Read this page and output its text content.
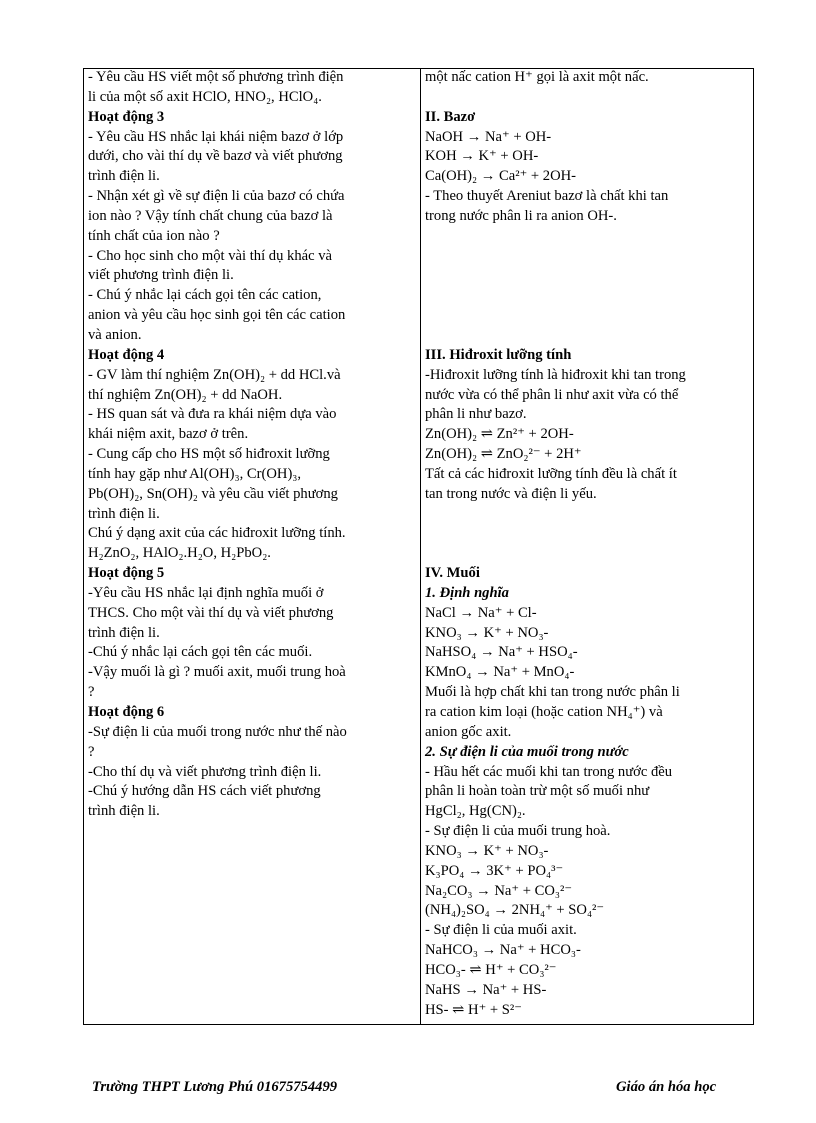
- Yêu cầu HS viết một số phương trình điện
li của một số axit HClO, HNO₂, HClO₄.
Hoạt động 3
- Yêu cầu HS nhắc lại khái niệm bazơ ở lớp
dưới, cho vài thí dụ về bazơ và viết phương
trình điện li.
- Nhận xét gì về sự điện li của bazơ có chứa
ion nào ? Vậy tính chất chung của bazơ là
tính chất của ion nào ?
- Cho học sinh cho một vài thí dụ khác và
viết phương trình điện li.
- Chú ý nhắc lại cách gọi tên các cation,
anion và yêu cầu học sinh gọi tên các cation
và anion.
Hoạt động 4
- GV làm thí nghiệm Zn(OH)₂ + dd HCl.và
thí nghiệm Zn(OH)₂ + dd NaOH.
- HS quan sát và đưa ra khái niệm dựa vào
khái niệm axit, bazơ ở trên.
- Cung cấp cho HS một số hiđroxit lưỡng
tính hay gặp như Al(OH)₃, Cr(OH)₃,
Pb(OH)₂, Sn(OH)₂ và yêu cầu viết phương
trình điện li.
Chú ý dạng axit của các hiđroxit lưỡng tính.
H₂ZnO₂, HAlO₂.H₂O, H₂PbO₂.
Hoạt động 5
-Yêu cầu HS nhắc lại định nghĩa muối ở
THCS. Cho một vài thí dụ và viết phương
trình điện li.
-Chú ý nhắc lại cách gọi tên các muối.
-Vậy muối là gì ? muối axit, muối trung hoà
?
Hoạt động 6
-Sự điện li của muối trong nước như thế nào
?
-Cho thí dụ và viết phương trình điện li.
-Chú ý hướng dẫn HS cách viết phương
trình điện li.
một nấc cation H⁺ gọi là axit một nấc.
II. Bazơ
NaOH → Na⁺ + OH-
KOH → K⁺ + OH-
Ca(OH)₂ → Ca²⁺ + 2OH-
- Theo thuyết Areniut bazơ là chất khi tan
trong nước phân li ra anion OH-.
III. Hiđroxit lưỡng tính
-Hiđroxit lưỡng tính là hiđroxit khi tan trong
nước vừa có thể phân li như axit vừa có thể
phân li như bazơ.
Zn(OH)₂ ⇌ Zn²⁺ + 2OH-
Zn(OH)₂ ⇌ ZnO₂²⁻ + 2H⁺
Tất cả các hiđroxit lưỡng tính đều là chất ít
tan trong nước và điện li yếu.
IV. Muối
1. Định nghĩa
NaCl → Na⁺ + Cl-
KNO₃ → K⁺ + NO₃-
NaHSO₄ → Na⁺ + HSO₄-
KMnO₄ → Na⁺ + MnO₄-
Muối là hợp chất khi tan trong nước phân li
ra cation kim loại (hoặc cation NH₄⁺) và
anion gốc axit.
2. Sự điện li của muối trong nước
- Hầu hết các muối khi tan trong nước đều
phân li hoàn toàn trừ một số muối như
HgCl₂, Hg(CN)₂.
- Sự điện li của muối trung hoà.
KNO₃ → K⁺ + NO₃-
K₃PO₄ → 3K⁺ + PO₄³⁻
Na₂CO₃ → Na⁺ + CO₃²⁻
(NH₄)₂SO₄ → 2NH₄⁺ + SO₄²⁻
- Sự điện li của muối axit.
NaHCO₃ → Na⁺ + HCO₃-
HCO₃- ⇌ H⁺ + CO₃²⁻
NaHS → Na⁺ + HS-
HS- ⇌ H⁺ + S²⁻
Trường THPT Lương Phú 01675754499	Giáo án hóa học
